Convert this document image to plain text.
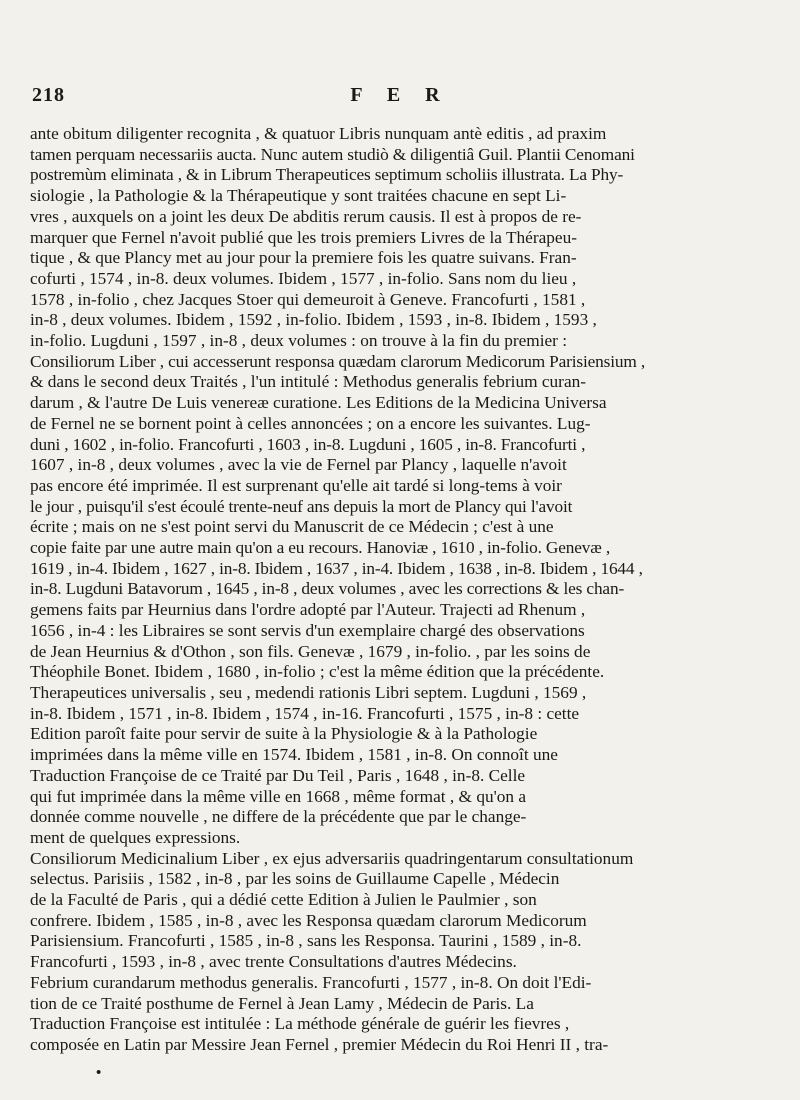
218	F E R
ante obitum diligenter recognita , & quatuor Libris nunquam antè editis , ad praxim
tamen perquam necessariis aucta. Nunc autem studiò & diligentiâ Guil. Plantii Cenomani
postremùm eliminata , & in Librum Therapeutices septimum scholiis illustrata. La Phy-
siologie , la Pathologie & la Thérapeutique y sont traitées chacune en sept Li-
vres , auxquels on a joint les deux De abditis rerum causis. Il est à propos de re-
marquer que Fernel n'avoit publié que les trois premiers Livres de la Thérapeu-
tique , & que Plancy met au jour pour la premiere fois les quatre suivans. Fran-
cofurti , 1574 , in-8. deux volumes. Ibidem , 1577 , in-folio. Sans nom du lieu ,
1578 , in-folio , chez Jacques Stoer qui demeuroit à Geneve. Francofurti , 1581 ,
in-8 , deux volumes. Ibidem , 1592 , in-folio. Ibidem , 1593 , in-8. Ibidem , 1593 ,
in-folio. Lugduni , 1597 , in-8 , deux volumes : on trouve à la fin du premier :
Consiliorum Liber , cui accesserunt responsa quædam clarorum Medicorum Parisiensium ,
& dans le second deux Traités , l'un intitulé : Methodus generalis febrium curan-
darum , & l'autre De Luis venereæ curatione. Les Editions de la Medicina Universa
de Fernel ne se bornent point à celles annoncées ; on a encore les suivantes. Lug-
duni , 1602 , in-folio. Francofurti , 1603 , in-8. Lugduni , 1605 , in-8. Francofurti ,
1607 , in-8 , deux volumes , avec la vie de Fernel par Plancy , laquelle n'avoit
pas encore été imprimée. Il est surprenant qu'elle ait tardé si long-tems à voir
le jour , puisqu'il s'est écoulé trente-neuf ans depuis la mort de Plancy qui l'avoit
écrite ; mais on ne s'est point servi du Manuscrit de ce Médecin ; c'est à une
copie faite par une autre main qu'on a eu recours. Hanoviæ , 1610 , in-folio. Genevæ ,
1619 , in-4. Ibidem , 1627 , in-8. Ibidem , 1637 , in-4. Ibidem , 1638 , in-8. Ibidem , 1644 ,
in-8. Lugduni Batavorum , 1645 , in-8 , deux volumes , avec les corrections & les chan-
gemens faits par Heurnius dans l'ordre adopté par l'Auteur. Trajecti ad Rhenum ,
1656 , in-4 : les Libraires se sont servis d'un exemplaire chargé des observations
de Jean Heurnius & d'Othon , son fils. Genevæ , 1679 , in-folio. , par les soins de
Théophile Bonet. Ibidem , 1680 , in-folio ; c'est la même édition que la précédente.
Therapeutices universalis , seu , medendi rationis Libri septem. Lugduni , 1569 ,
in-8. Ibidem , 1571 , in-8. Ibidem , 1574 , in-16. Francofurti , 1575 , in-8 : cette
Edition paroît faite pour servir de suite à la Physiologie & à la Pathologie
imprimées dans la même ville en 1574. Ibidem , 1581 , in-8. On connoît une
Traduction Françoise de ce Traité par Du Teil , Paris , 1648 , in-8. Celle
qui fut imprimée dans la même ville en 1668 , même format , & qu'on a
donnée comme nouvelle , ne differe de la précédente que par le change-
ment de quelques expressions.
Consiliorum Medicinalium Liber , ex ejus adversariis quadringentarum consultationum
selectus. Parisiis , 1582 , in-8 , par les soins de Guillaume Capelle , Médecin
de la Faculté de Paris , qui a dédié cette Edition à Julien le Paulmier , son
confrere. Ibidem , 1585 , in-8 , avec les Responsa quædam clarorum Medicorum
Parisiensium. Francofurti , 1585 , in-8 , sans les Responsa. Taurini , 1589 , in-8.
Francofurti , 1593 , in-8 , avec trente Consultations d'autres Médecins.
Febrium curandarum methodus generalis. Francofurti , 1577 , in-8. On doit l'Edi-
tion de ce Traité posthume de Fernel à Jean Lamy , Médecin de Paris. La
Traduction Françoise est intitulée : La méthode générale de guérir les fievres ,
composée en Latin par Messire Jean Fernel , premier Médecin du Roi Henri II , tra-
•
